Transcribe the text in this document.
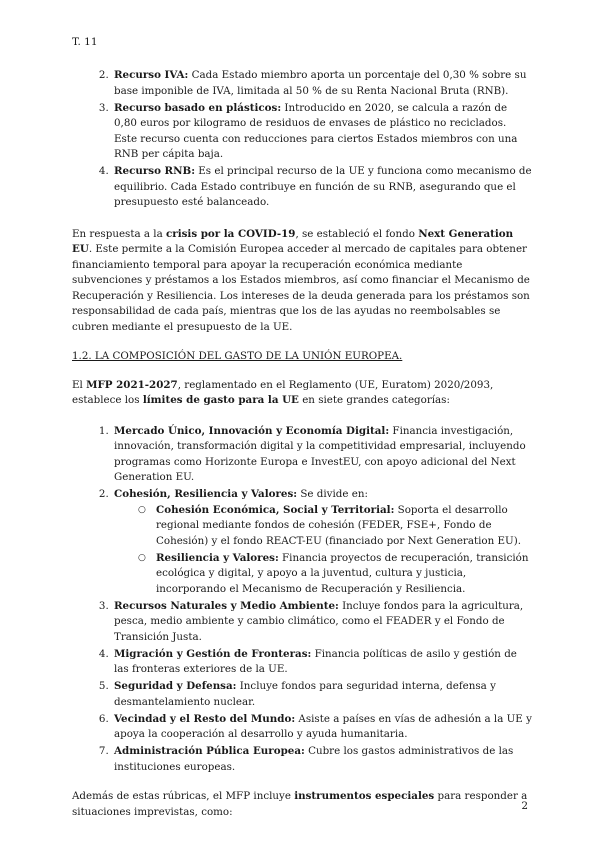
T. 11
2. Recurso IVA: Cada Estado miembro aporta un porcentaje del 0,30 % sobre su base imponible de IVA, limitada al 50 % de su Renta Nacional Bruta (RNB).
3. Recurso basado en plásticos: Introducido en 2020, se calcula a razón de 0,80 euros por kilogramo de residuos de envases de plástico no reciclados. Este recurso cuenta con reducciones para ciertos Estados miembros con una RNB per cápita baja.
4. Recurso RNB: Es el principal recurso de la UE y funciona como mecanismo de equilibrio. Cada Estado contribuye en función de su RNB, asegurando que el presupuesto esté balanceado.

En respuesta a la crisis por la COVID-19, se estableció el fondo Next Generation EU. Este permite a la Comisión Europea acceder al mercado de capitales para obtener financiamiento temporal para apoyar la recuperación económica mediante subvenciones y préstamos a los Estados miembros, así como financiar el Mecanismo de Recuperación y Resiliencia. Los intereses de la deuda generada para los préstamos son responsabilidad de cada país, mientras que los de las ayudas no reembolsables se cubren mediante el presupuesto de la UE.

1.2. LA COMPOSICIÓN DEL GASTO DE LA UNIÓN EUROPEA.

El MFP 2021-2027, reglamentado en el Reglamento (UE, Euratom) 2020/2093, establece los límites de gasto para la UE en siete grandes categorías:

1. Mercado Único, Innovación y Economía Digital: Financia investigación, innovación, transformación digital y la competitividad empresarial, incluyendo programas como Horizonte Europa e InvestEU, con apoyo adicional del Next Generation EU.
2. Cohesión, Resiliencia y Valores: Se divide en:
○ Cohesión Económica, Social y Territorial: Soporta el desarrollo regional mediante fondos de cohesión (FEDER, FSE+, Fondo de Cohesión) y el fondo REACT-EU (financiado por Next Generation EU).
○ Resiliencia y Valores: Financia proyectos de recuperación, transición ecológica y digital, y apoyo a la juventud, cultura y justicia, incorporando el Mecanismo de Recuperación y Resiliencia.
3. Recursos Naturales y Medio Ambiente: Incluye fondos para la agricultura, pesca, medio ambiente y cambio climático, como el FEADER y el Fondo de Transición Justa.
4. Migración y Gestión de Fronteras: Financia políticas de asilo y gestión de las fronteras exteriores de la UE.
5. Seguridad y Defensa: Incluye fondos para seguridad interna, defensa y desmantelamiento nuclear.
6. Vecindad y el Resto del Mundo: Asiste a países en vías de adhesión a la UE y apoya la cooperación al desarrollo y ayuda humanitaria.
7. Administración Pública Europea: Cubre los gastos administrativos de las instituciones europeas.

Además de estas rúbricas, el MFP incluye instrumentos especiales para responder a situaciones imprevistas, como:	2
